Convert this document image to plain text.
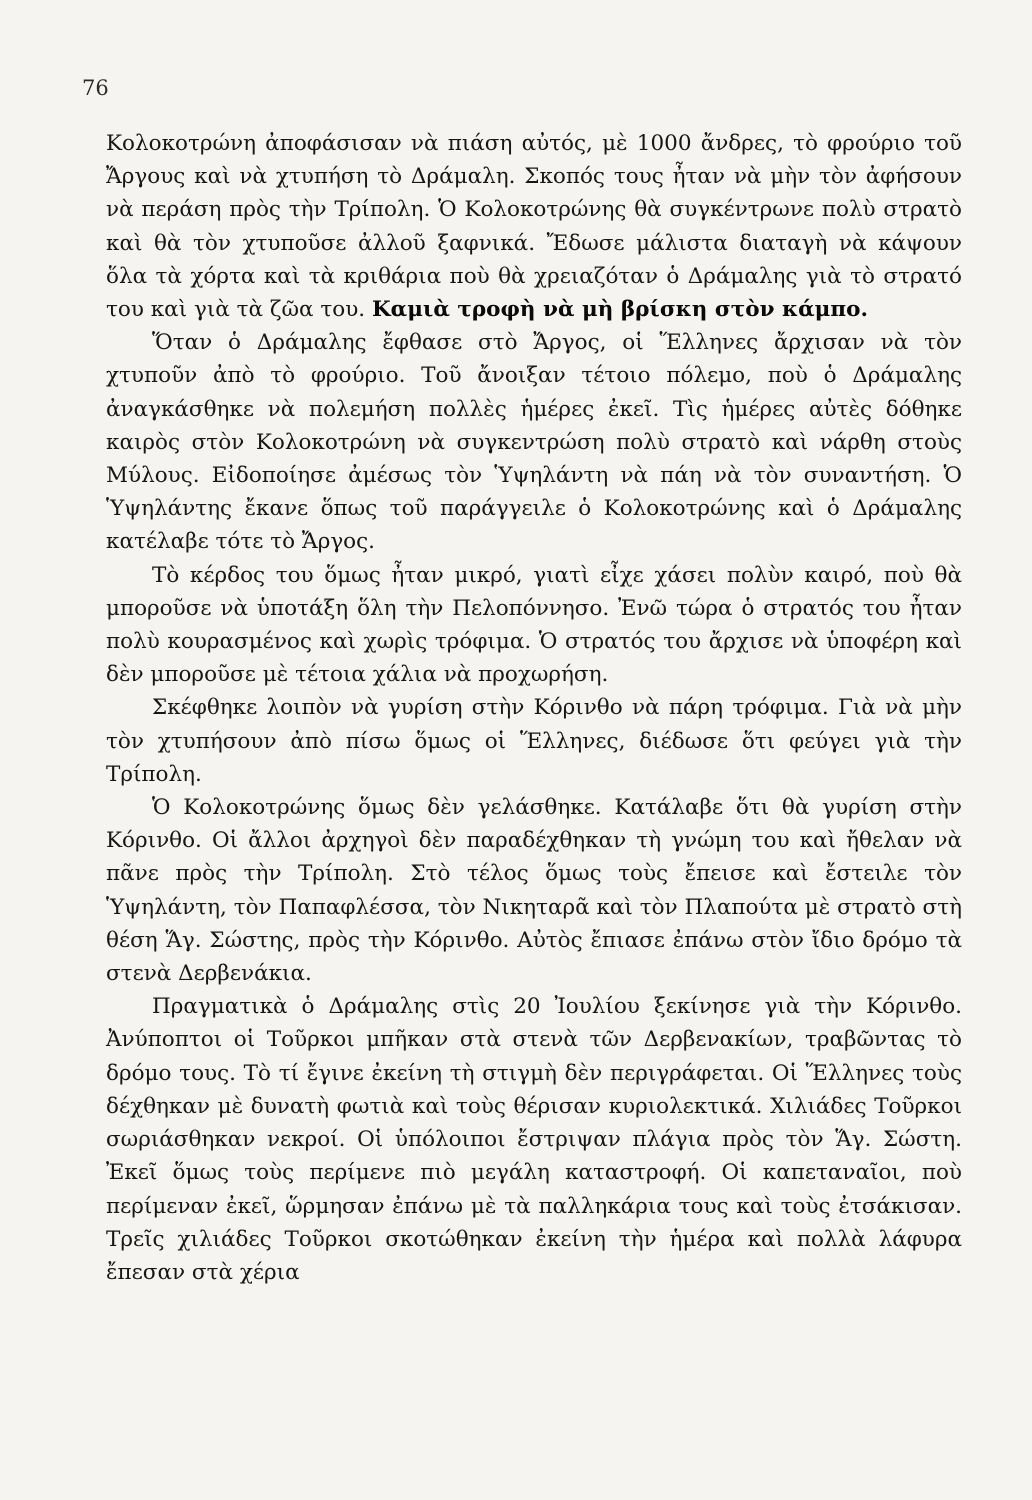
76

Κολοκοτρώνη ἀποφάσισαν νὰ πιάση αὐτός, μὲ 1000 ἄνδρες, τὸ φρούριο τοῦ Ἄργους καὶ νὰ χτυπήση τὸ Δράμαλη. Σκοπός τους ἦταν νὰ μὴν τὸν ἀφήσουν νὰ περάση πρὸς τὴν Τρίπολη. Ὁ Κολοκοτρώνης θὰ συγκέντρωνε πολὺ στρατὸ καὶ θὰ τὸν χτυποῦσε ἀλλοῦ ξαφνικά. Ἔδωσε μάλιστα διαταγὴ νὰ κάψουν ὅλα τὰ χόρτα καὶ τὰ κριθάρια ποὺ θὰ χρειαζόταν ὁ Δράμαλης γιὰ τὸ στρατό του καὶ γιὰ τὰ ζῶα του. Καμιὰ τροφὴ νὰ μὴ βρίσκη στὸν κάμπο.

Ὅταν ὁ Δράμαλης ἔφθασε στὸ Ἄργος, οἱ Ἕλληνες ἄρχισαν νὰ τὸν χτυποῦν ἀπὸ τὸ φρούριο. Τοῦ ἄνοιξαν τέτοιο πόλεμο, ποὺ ὁ Δράμαλης ἀναγκάσθηκε νὰ πολεμήση πολλὲς ἡμέρες ἐκεῖ. Τὶς ἡμέρες αὐτὲς δόθηκε καιρὸς στὸν Κολοκοτρώνη νὰ συγκεντρώση πολὺ στρατὸ καὶ νάρθη στοὺς Μύλους. Εἰδοποίησε ἀμέσως τὸν Ὑψηλάντη νὰ πάη νὰ τὸν συναντήση. Ὁ Ὑψηλάντης ἔκανε ὅπως τοῦ παράγγειλε ὁ Κολοκοτρώνης καὶ ὁ Δράμαλης κατέλαβε τότε τὸ Ἄργος.

Τὸ κέρδος του ὅμως ἦταν μικρό, γιατὶ εἶχε χάσει πολὺν καιρό, ποὺ θὰ μποροῦσε νὰ ὑποτάξη ὅλη τὴν Πελοπόννησο. Ἐνῶ τώρα ὁ στρατός του ἦταν πολὺ κουρασμένος καὶ χωρὶς τρόφιμα. Ὁ στρατός του ἄρχισε νὰ ὑποφέρη καὶ δὲν μποροῦσε μὲ τέτοια χάλια νὰ προχωρήση.

Σκέφθηκε λοιπὸν νὰ γυρίση στὴν Κόρινθο νὰ πάρη τρόφιμα. Γιὰ νὰ μὴν τὸν χτυπήσουν ἀπὸ πίσω ὅμως οἱ Ἕλληνες, διέδωσε ὅτι φεύγει γιὰ τὴν Τρίπολη.

Ὁ Κολοκοτρώνης ὅμως δὲν γελάσθηκε. Κατάλαβε ὅτι θὰ γυρίση στὴν Κόρινθο. Οἱ ἄλλοι ἀρχηγοὶ δὲν παραδέχθηκαν τὴ γνώμη του καὶ ἤθελαν νὰ πᾶνε πρὸς τὴν Τρίπολη. Στὸ τέλος ὅμως τοὺς ἔπεισε καὶ ἔστειλε τὸν Ὑψηλάντη, τὸν Παπαφλέσσα, τὸν Νικηταρᾶ καὶ τὸν Πλαπούτα μὲ στρατὸ στὴ θέση Ἅγ. Σώστης, πρὸς τὴν Κόρινθο. Αὐτὸς ἔπιασε ἐπάνω στὸν ἴδιο δρόμο τὰ στενὰ Δερβενάκια.

Πραγματικὰ ὁ Δράμαλης στὶς 20 Ἰουλίου ξεκίνησε γιὰ τὴν Κόρινθο. Ἀνύποπτοι οἱ Τοῦρκοι μπῆκαν στὰ στενὰ τῶν Δερβενακίων, τραβῶντας τὸ δρόμο τους. Τὸ τί ἔγινε ἐκείνη τὴ στιγμὴ δὲν περιγράφεται. Οἱ Ἕλληνες τοὺς δέχθηκαν μὲ δυνατὴ φωτιὰ καὶ τοὺς θέρισαν κυριολεκτικά. Χιλιάδες Τοῦρκοι σωριάσθηκαν νεκροί. Οἱ ὑπόλοιποι ἔστριψαν πλάγια πρὸς τὸν Ἅγ. Σώστη. Ἐκεῖ ὅμως τοὺς περίμενε πιὸ μεγάλη καταστροφή. Οἱ καπεταναῖοι, ποὺ περίμεναν ἐκεῖ, ὥρμησαν ἐπάνω μὲ τὰ παλληκάρια τους καὶ τοὺς ἐτσάκισαν. Τρεῖς χιλιάδες Τοῦρκοι σκοτώθηκαν ἐκείνη τὴν ἡμέρα καὶ πολλὰ λάφυρα ἔπεσαν στὰ χέρια
